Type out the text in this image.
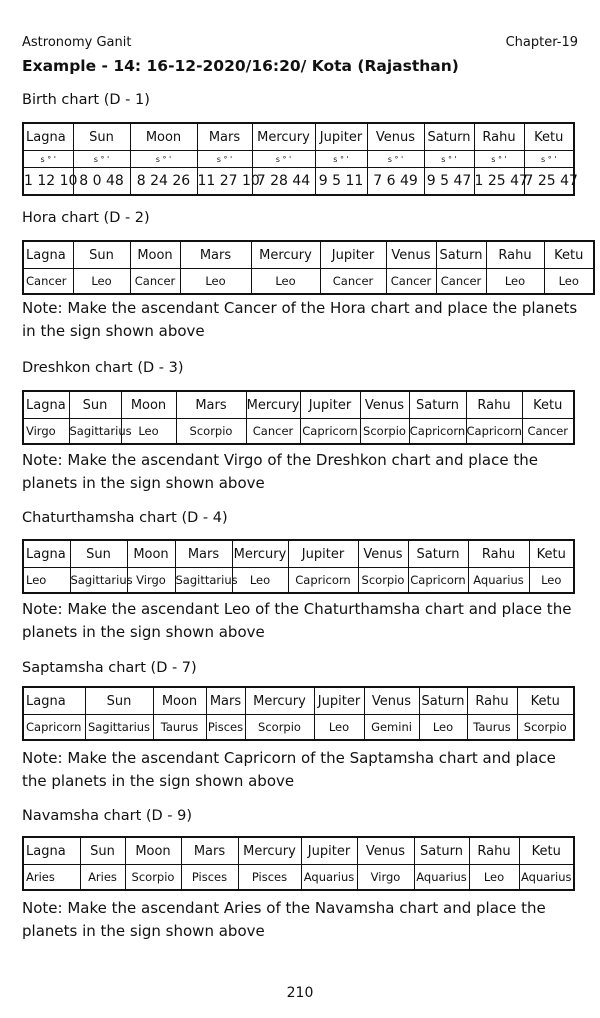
Astronomy Ganit	Chapter-19
Example - 14: 16-12-2020/16:20/ Kota (Rajasthan)
Birth chart (D - 1)
Lagna	Sun	Moon	Mars	Mercury	Jupiter	Venus	Saturn	Rahu	Ketu
s ° '	s ° '	s ° '	s ° '	s ° '	s ° '	s ° '	s ° '	s ° '	s ° '
1 12 10	8 0 48	8 24 26	11 27 10	7 28 44	9 5 11	7 6 49	9 5 47	1 25 47	7 25 47
Hora chart (D - 2)
Lagna	Sun	Moon	Mars	Mercury	Jupiter	Venus	Saturn	Rahu	Ketu
Cancer	Leo	Cancer	Leo	Leo	Cancer	Cancer	Cancer	Leo	Leo
Note: Make the ascendant Cancer of the Hora chart and place the planets in the sign shown above
Dreshkon chart (D - 3)
Lagna	Sun	Moon	Mars	Mercury	Jupiter	Venus	Saturn	Rahu	Ketu
Virgo	Sagittarius	Leo	Scorpio	Cancer	Capricorn	Scorpio	Capricorn	Capricorn	Cancer
Note: Make the ascendant Virgo of the Dreshkon chart and place the planets in the sign shown above
Chaturthamsha chart (D - 4)
Lagna	Sun	Moon	Mars	Mercury	Jupiter	Venus	Saturn	Rahu	Ketu
Leo	Sagittarius	Virgo	Sagittarius	Leo	Capricorn	Scorpio	Capricorn	Aquarius	Leo
Note: Make the ascendant Leo of the Chaturthamsha chart and place the planets in the sign shown above
Saptamsha chart (D - 7)
Lagna	Sun	Moon	Mars	Mercury	Jupiter	Venus	Saturn	Rahu	Ketu
Capricorn	Sagittarius	Taurus	Pisces	Scorpio	Leo	Gemini	Leo	Taurus	Scorpio
Note: Make the ascendant Capricorn of the Saptamsha chart and place the planets in the sign shown above
Navamsha chart (D - 9)
Lagna	Sun	Moon	Mars	Mercury	Jupiter	Venus	Saturn	Rahu	Ketu
Aries	Aries	Scorpio	Pisces	Pisces	Aquarius	Virgo	Aquarius	Leo	Aquarius
Note: Make the ascendant Aries of the Navamsha chart and place the planets in the sign shown above
210
